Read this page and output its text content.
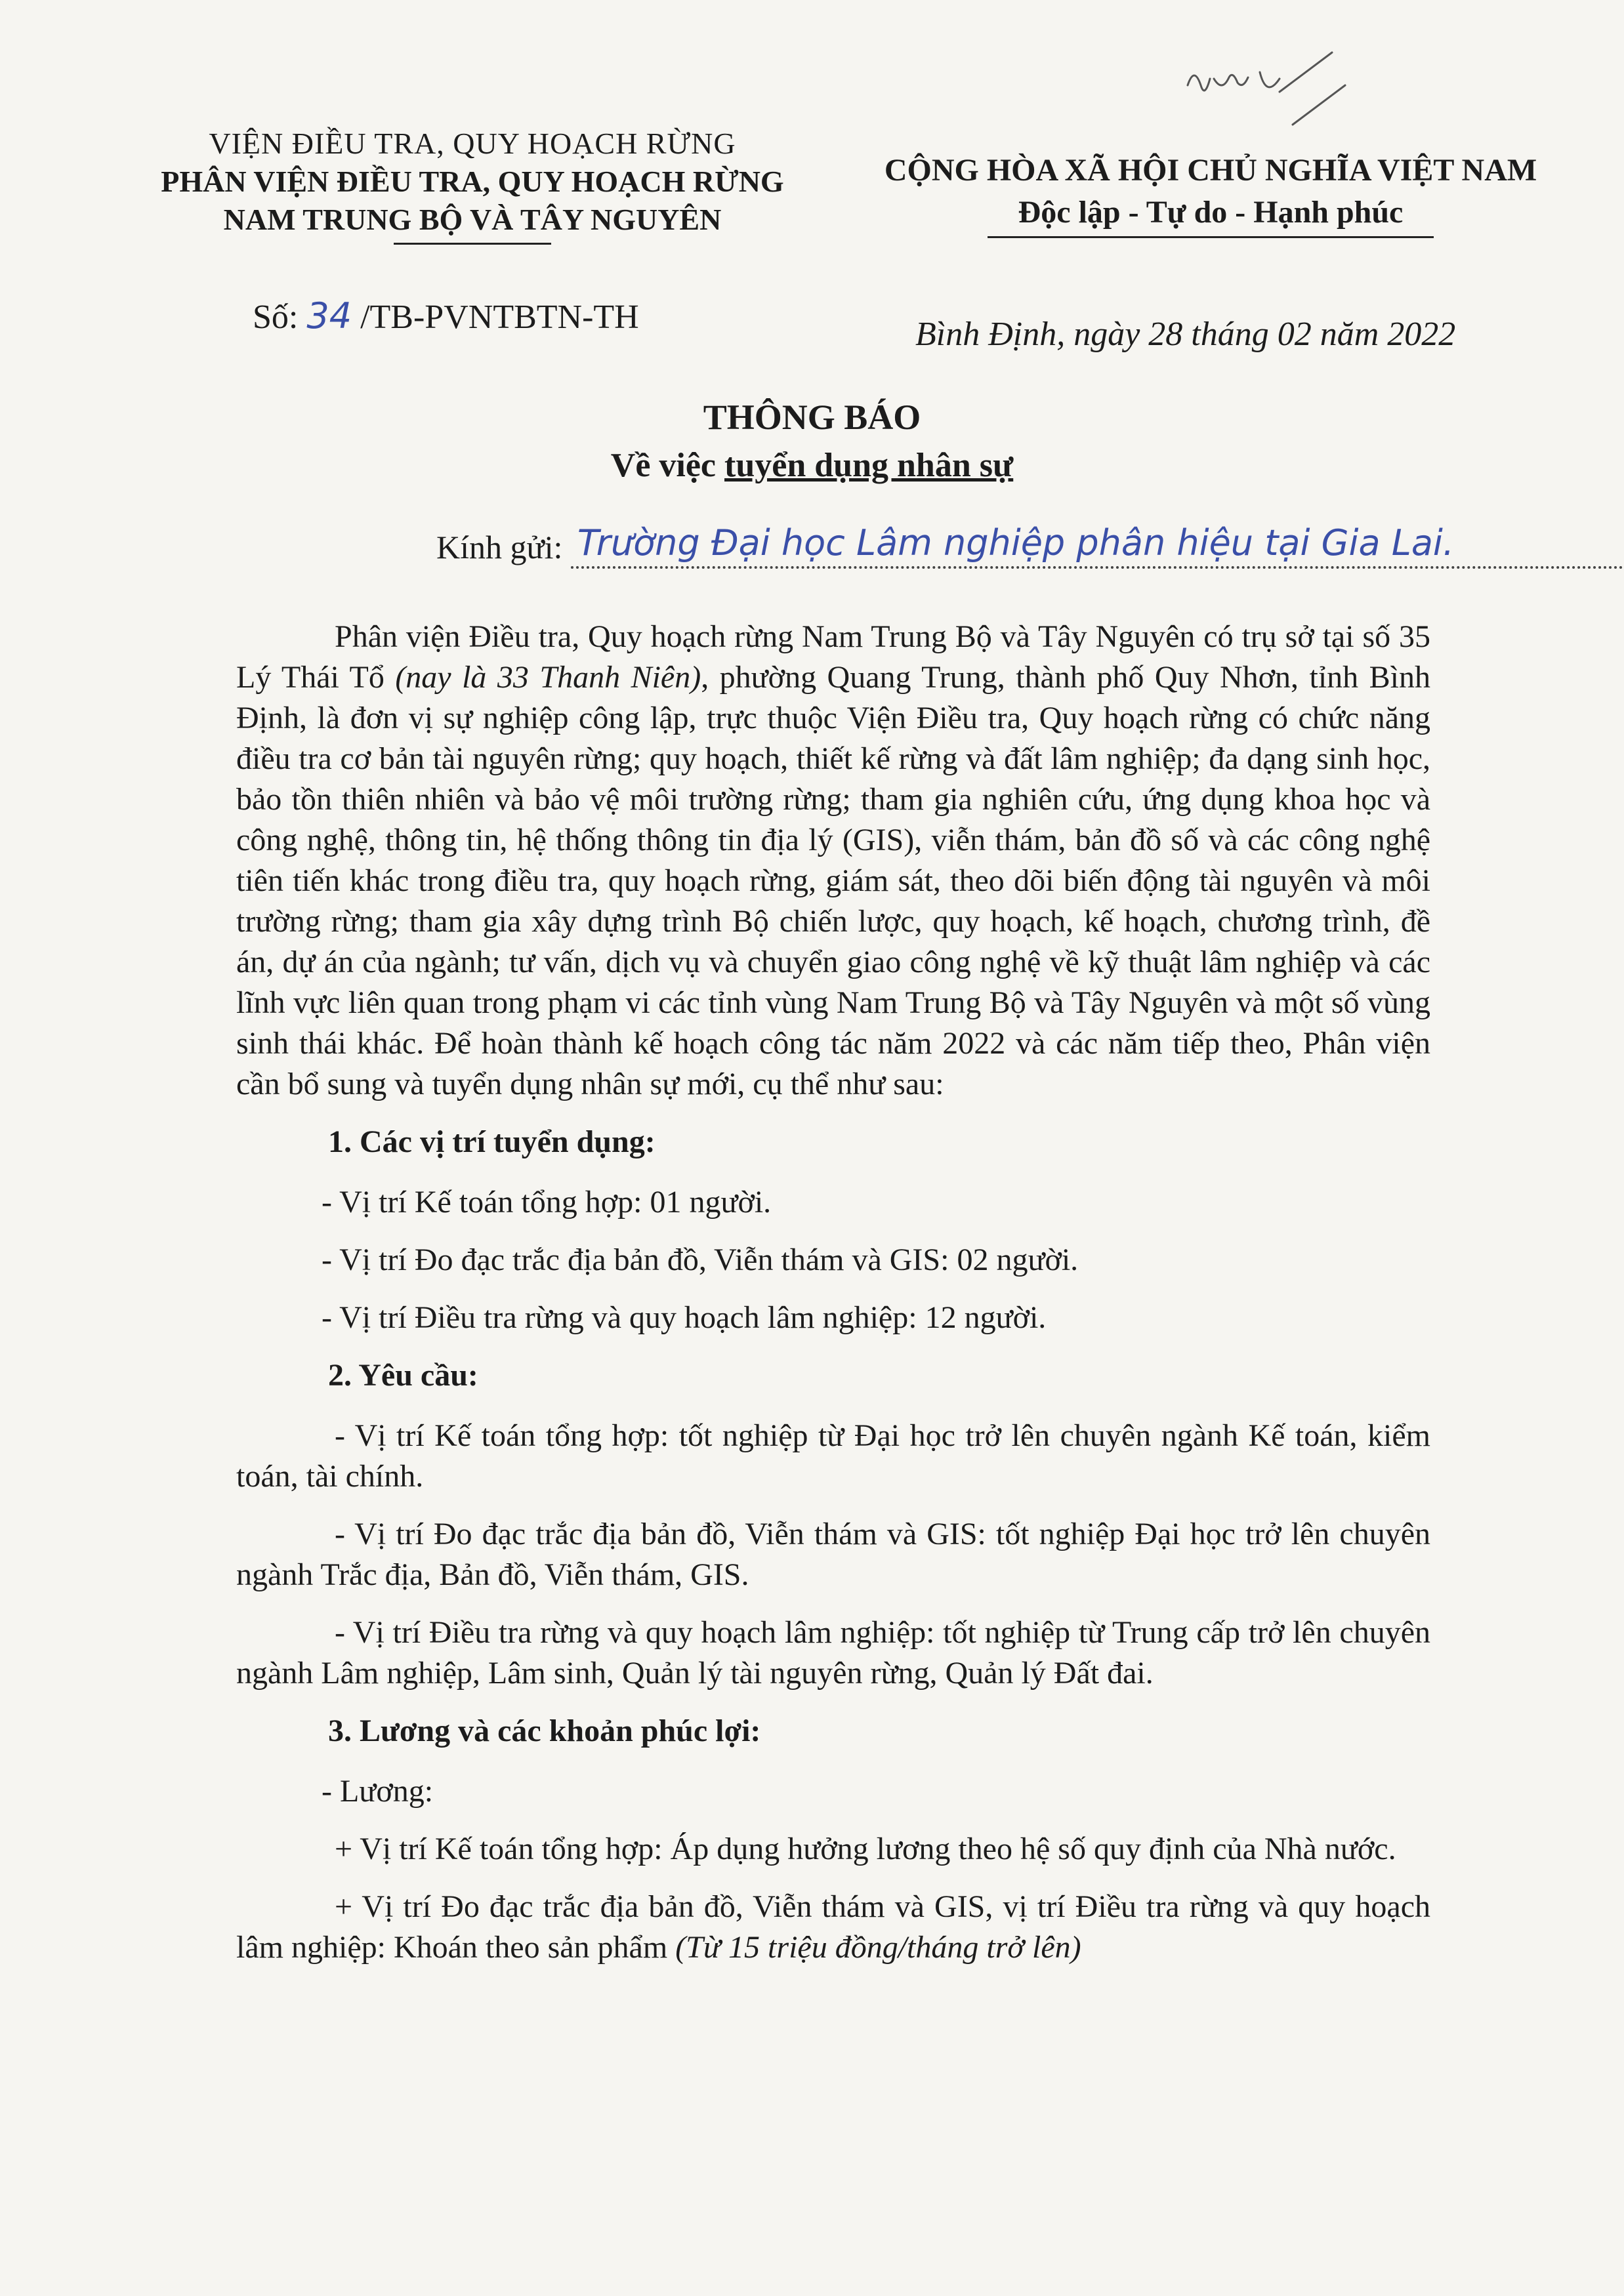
VIỆN ĐIỀU TRA, QUY HOẠCH RỪNG
PHÂN VIỆN ĐIỀU TRA, QUY HOẠCH RỪNG
NAM TRUNG BỘ VÀ TÂY NGUYÊN
CỘNG HÒA XÃ HỘI CHỦ NGHĨA VIỆT NAM
Độc lập - Tự do - Hạnh phúc
Số: 34 /TB-PVNTBTN-TH	Bình Định, ngày 28 tháng 02 năm 2022
THÔNG BÁO
Về việc tuyển dụng nhân sự
Kính gửi: Trường Đại học Lâm nghiệp phân hiệu tại Gia Lai.

Phân viện Điều tra, Quy hoạch rừng Nam Trung Bộ và Tây Nguyên có trụ sở tại số 35 Lý Thái Tổ (nay là 33 Thanh Niên), phường Quang Trung, thành phố Quy Nhơn, tỉnh Bình Định, là đơn vị sự nghiệp công lập, trực thuộc Viện Điều tra, Quy hoạch rừng có chức năng điều tra cơ bản tài nguyên rừng; quy hoạch, thiết kế rừng và đất lâm nghiệp; đa dạng sinh học, bảo tồn thiên nhiên và bảo vệ môi trường rừng; tham gia nghiên cứu, ứng dụng khoa học và công nghệ, thông tin, hệ thống thông tin địa lý (GIS), viễn thám, bản đồ số và các công nghệ tiên tiến khác trong điều tra, quy hoạch rừng, giám sát, theo dõi biến động tài nguyên và môi trường rừng; tham gia xây dựng trình Bộ chiến lược, quy hoạch, kế hoạch, chương trình, đề án, dự án của ngành; tư vấn, dịch vụ và chuyển giao công nghệ về kỹ thuật lâm nghiệp và các lĩnh vực liên quan trong phạm vi các tỉnh vùng Nam Trung Bộ và Tây Nguyên và một số vùng sinh thái khác. Để hoàn thành kế hoạch công tác năm 2022 và các năm tiếp theo, Phân viện cần bổ sung và tuyển dụng nhân sự mới, cụ thể như sau:

1. Các vị trí tuyển dụng:

- Vị trí Kế toán tổng hợp: 01 người.

- Vị trí Đo đạc trắc địa bản đồ, Viễn thám và GIS: 02 người.

- Vị trí Điều tra rừng và quy hoạch lâm nghiệp: 12 người.

2. Yêu cầu:

- Vị trí Kế toán tổng hợp: tốt nghiệp từ Đại học trở lên chuyên ngành Kế toán, kiểm toán, tài chính.

- Vị trí Đo đạc trắc địa bản đồ, Viễn thám và GIS: tốt nghiệp Đại học trở lên chuyên ngành Trắc địa, Bản đồ, Viễn thám, GIS.

- Vị trí Điều tra rừng và quy hoạch lâm nghiệp: tốt nghiệp từ Trung cấp trở lên chuyên ngành Lâm nghiệp, Lâm sinh, Quản lý tài nguyên rừng, Quản lý Đất đai.

3. Lương và các khoản phúc lợi:

- Lương:

+ Vị trí Kế toán tổng hợp: Áp dụng hưởng lương theo hệ số quy định của Nhà nước.

+ Vị trí Đo đạc trắc địa bản đồ, Viễn thám và GIS, vị trí Điều tra rừng và quy hoạch lâm nghiệp: Khoán theo sản phẩm (Từ 15 triệu đồng/tháng trở lên)
